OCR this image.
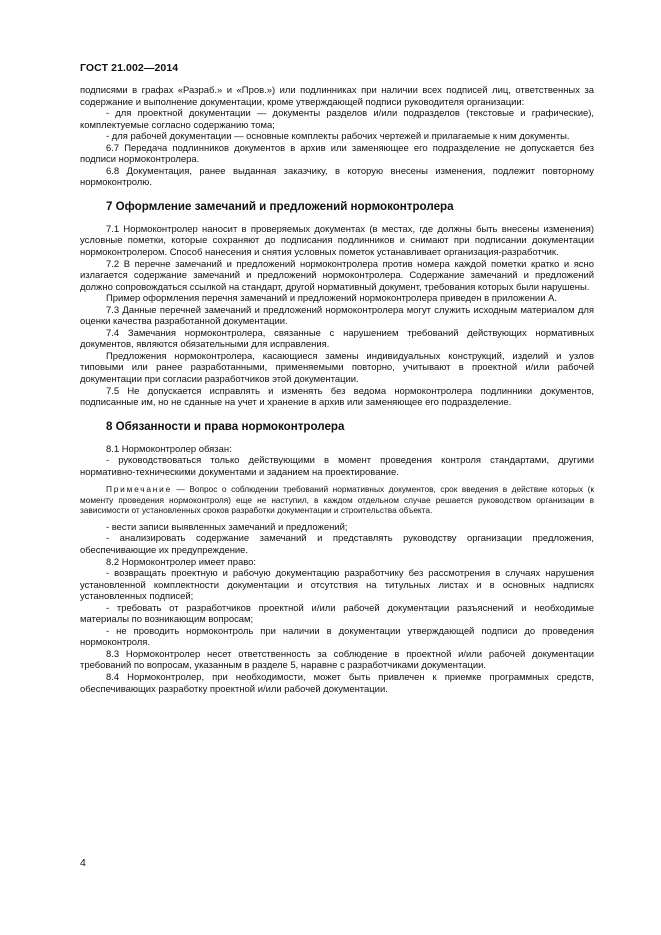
ГОСТ 21.002—2014

подписями в графах «Разраб.» и «Пров.») или подлинниках при наличии всех подписей лиц, ответственных за содержание и выполнение документации, кроме утверждающей подписи руководителя организации:

- для проектной документации — документы разделов и/или подразделов (текстовые и графические), комплектуемые согласно содержанию тома;

- для рабочей документации — основные комплекты рабочих чертежей и прилагаемые к ним документы.

6.7 Передача подлинников документов в архив или заменяющее его подразделение не допускается без подписи нормоконтролера.

6.8 Документация, ранее выданная заказчику, в которую внесены изменения, подлежит повторному нормоконтролю.

7 Оформление замечаний и предложений нормоконтролера

7.1 Нормоконтролер наносит в проверяемых документах (в местах, где должны быть внесены изменения) условные пометки, которые сохраняют до подписания подлинников и снимают при подписании документации нормоконтролером. Способ нанесения и снятия условных пометок устанавливает организация-разработчик.

7.2 В перечне замечаний и предложений нормоконтролера против номера каждой пометки кратко и ясно излагается содержание замечаний и предложений нормоконтролера. Содержание замечаний и предложений должно сопровождаться ссылкой на стандарт, другой нормативный документ, требования которых были нарушены.

Пример оформления перечня замечаний и предложений нормоконтролера приведен в приложении А.

7.3 Данные перечней замечаний и предложений нормоконтролера могут служить исходным материалом для оценки качества разработанной документации.

7.4 Замечания нормоконтролера, связанные с нарушением требований действующих нормативных документов, являются обязательными для исправления.

Предложения нормоконтролера, касающиеся замены индивидуальных конструкций, изделий и узлов типовыми или ранее разработанными, применяемыми повторно, учитывают в проектной и/или рабочей документации при согласии разработчиков этой документации.

7.5 Не допускается исправлять и изменять без ведома нормоконтролера подлинники документов, подписанные им, но не сданные на учет и хранение в архив или заменяющее его подразделение.

8 Обязанности и права нормоконтролера

8.1 Нормоконтролер обязан:

- руководствоваться только действующими в момент проведения контроля стандартами, другими нормативно-техническими документами и заданием на проектирование.

Примечание — Вопрос о соблюдении требований нормативных документов, срок введения в действие которых (к моменту проведения нормоконтроля) еще не наступил, в каждом отдельном случае решается руководством организации в зависимости от установленных сроков разработки документации и строительства объекта.

- вести записи выявленных замечаний и предложений;

- анализировать содержание замечаний и представлять руководству организации предложения, обеспечивающие их предупреждение.

8.2 Нормоконтролер имеет право:

- возвращать проектную и рабочую документацию разработчику без рассмотрения в случаях нарушения установленной комплектности документации и отсутствия на титульных листах и в основных надписях установленных подписей;

- требовать от разработчиков проектной и/или рабочей документации разъяснений и необходимые материалы по возникающим вопросам;

- не проводить нормоконтроль при наличии в документации утверждающей подписи до проведения нормоконтроля.

8.3 Нормоконтролер несет ответственность за соблюдение в проектной и/или рабочей документации требований по вопросам, указанным в разделе 5, наравне с разработчиками документации.

8.4 Нормоконтролер, при необходимости, может быть привлечен к приемке программных средств, обеспечивающих разработку проектной и/или рабочей документации.

4
